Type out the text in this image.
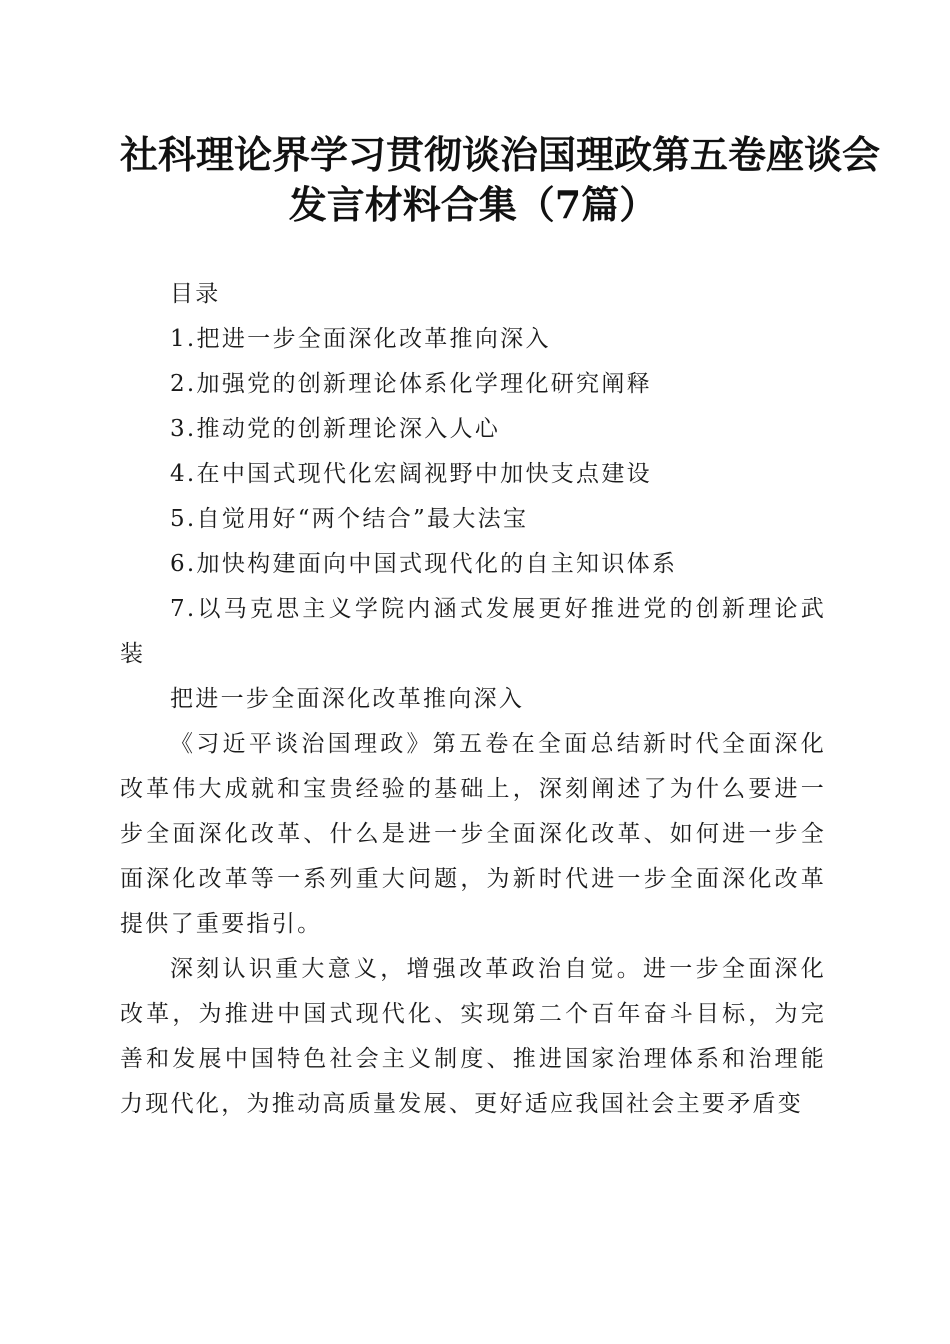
社科理论界学习贯彻谈治国理政第五卷座谈会
发言材料合集（7篇）

目录

1.把进一步全面深化改革推向深入

2.加强党的创新理论体系化学理化研究阐释

3.推动党的创新理论深入人心

4.在中国式现代化宏阔视野中加快支点建设

5.自觉用好“两个结合”最大法宝

6.加快构建面向中国式现代化的自主知识体系

7.以马克思主义学院内涵式发展更好推进党的创新理论武装

把进一步全面深化改革推向深入

《习近平谈治国理政》第五卷在全面总结新时代全面深化改革伟大成就和宝贵经验的基础上，深刻阐述了为什么要进一步全面深化改革、什么是进一步全面深化改革、如何进一步全面深化改革等一系列重大问题，为新时代进一步全面深化改革提供了重要指引。

深刻认识重大意义，增强改革政治自觉。进一步全面深化改革，为推进中国式现代化、实现第二个百年奋斗目标，为完善和发展中国特色社会主义制度、推进国家治理体系和治理能力现代化，为推动高质量发展、更好适应我国社会主要矛盾变
